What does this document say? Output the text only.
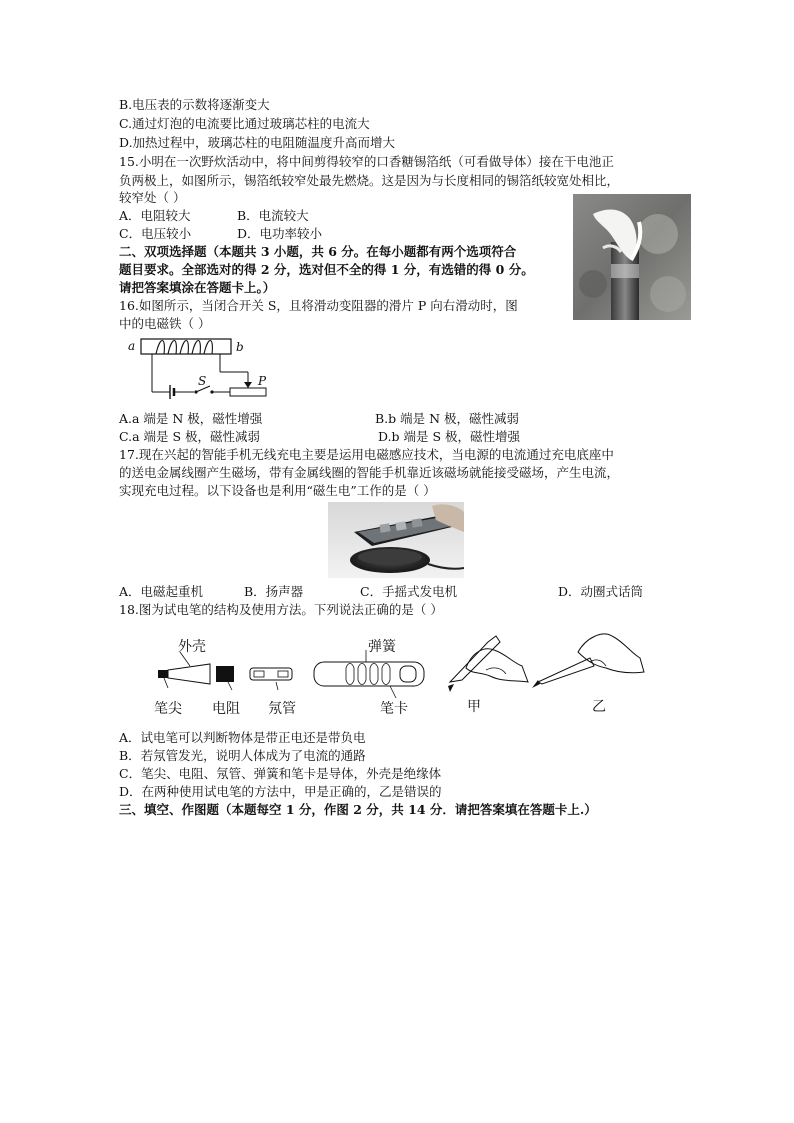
B.电压表的示数将逐渐变大
C.通过灯泡的电流要比通过玻璃芯柱的电流大
D.加热过程中，玻璃芯柱的电阻随温度升高而增大
15.小明在一次野炊活动中，将中间剪得较窄的口香糖锡箔纸（可看做导体）接在干电池正
负两极上，如图所示，锡箔纸较窄处最先燃烧。这是因为与长度相同的锡箔纸较宽处相比，
较窄处（ ）
A．电阻较大	B．电流较大
C．电压较小	D．电功率较小
二、双项选择题（本题共 3 小题，共 6 分。在每小题都有两个选项符合
题目要求。全部选对的得 2 分，选对但不全的得 1 分，有选错的得 0 分。
请把答案填涂在答题卡上。）
16.如图所示，当闭合开关 S，且将滑动变阻器的滑片 P 向右滑动时，图
中的电磁铁（ ）
a	b
S	P
A.a 端是 N 极，磁性增强	B.b 端是 N 极，磁性减弱
C.a 端是 S 极，磁性减弱	D.b 端是 S 极，磁性增强
17.现在兴起的智能手机无线充电主要是运用电磁感应技术，当电源的电流通过充电底座中
的送电金属线圈产生磁场，带有金属线圈的智能手机靠近该磁场就能接受磁场，产生电流，
实现充电过程。以下设备也是利用“磁生电”工作的是（ ）
A．电磁起重机	B．扬声器	C．手摇式发电机	D．动圈式话筒
18.图为试电笔的结构及使用方法。下列说法正确的是（ ）
外壳	弹簧
笔尖 电阻 氖管	笔卡	甲	乙
A．试电笔可以判断物体是带正电还是带负电
B．若氖管发光，说明人体成为了电流的通路
C．笔尖、电阻、氖管、弹簧和笔卡是导体，外壳是绝缘体
D．在两种使用试电笔的方法中，甲是正确的，乙是错误的
三、填空、作图题（本题每空 1 分，作图 2 分，共 14 分．请把答案填在答题卡上.）
